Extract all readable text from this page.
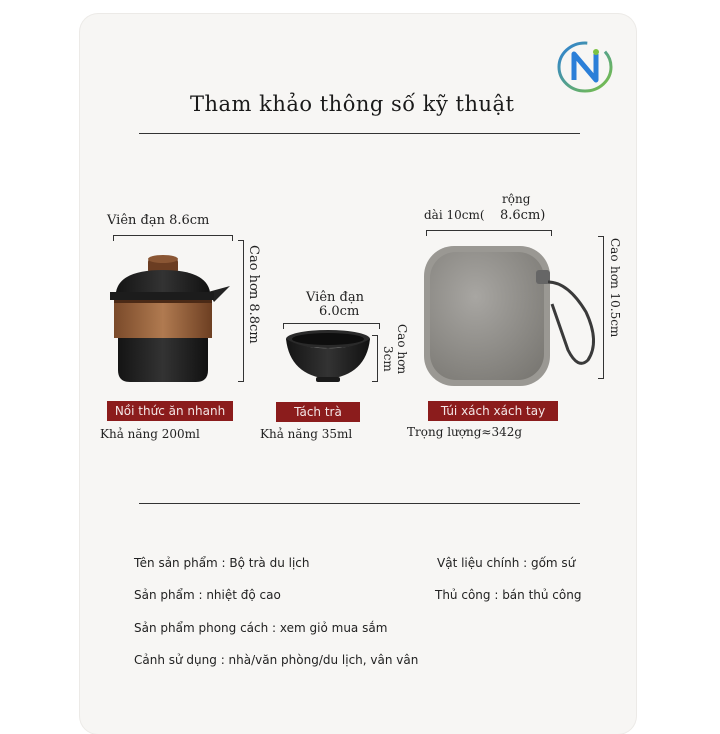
Tham khảo thông số kỹ thuật
Viên đạn 8.6cm
Cao hơn 8.8cm
Nồi thức ăn nhanh
Khả năng 200ml
Viên đạn
6.0cm
Cao hơn
3cm
Tách trà
Khả năng 35ml
rộng
dài 10cm( 8.6cm)
Cao
hơn 10.5cm
Túi xách xách tay
Trọng lượng≈342g
Tên sản phẩm : Bộ trà du lịch	Vật liệu chính : gốm sứ
Sản phẩm : nhiệt độ cao	Thủ công : bán thủ công
Sản phẩm phong cách : xem giỏ mua sắm
Cảnh sử dụng : nhà/văn phòng/du lịch, vân vân
